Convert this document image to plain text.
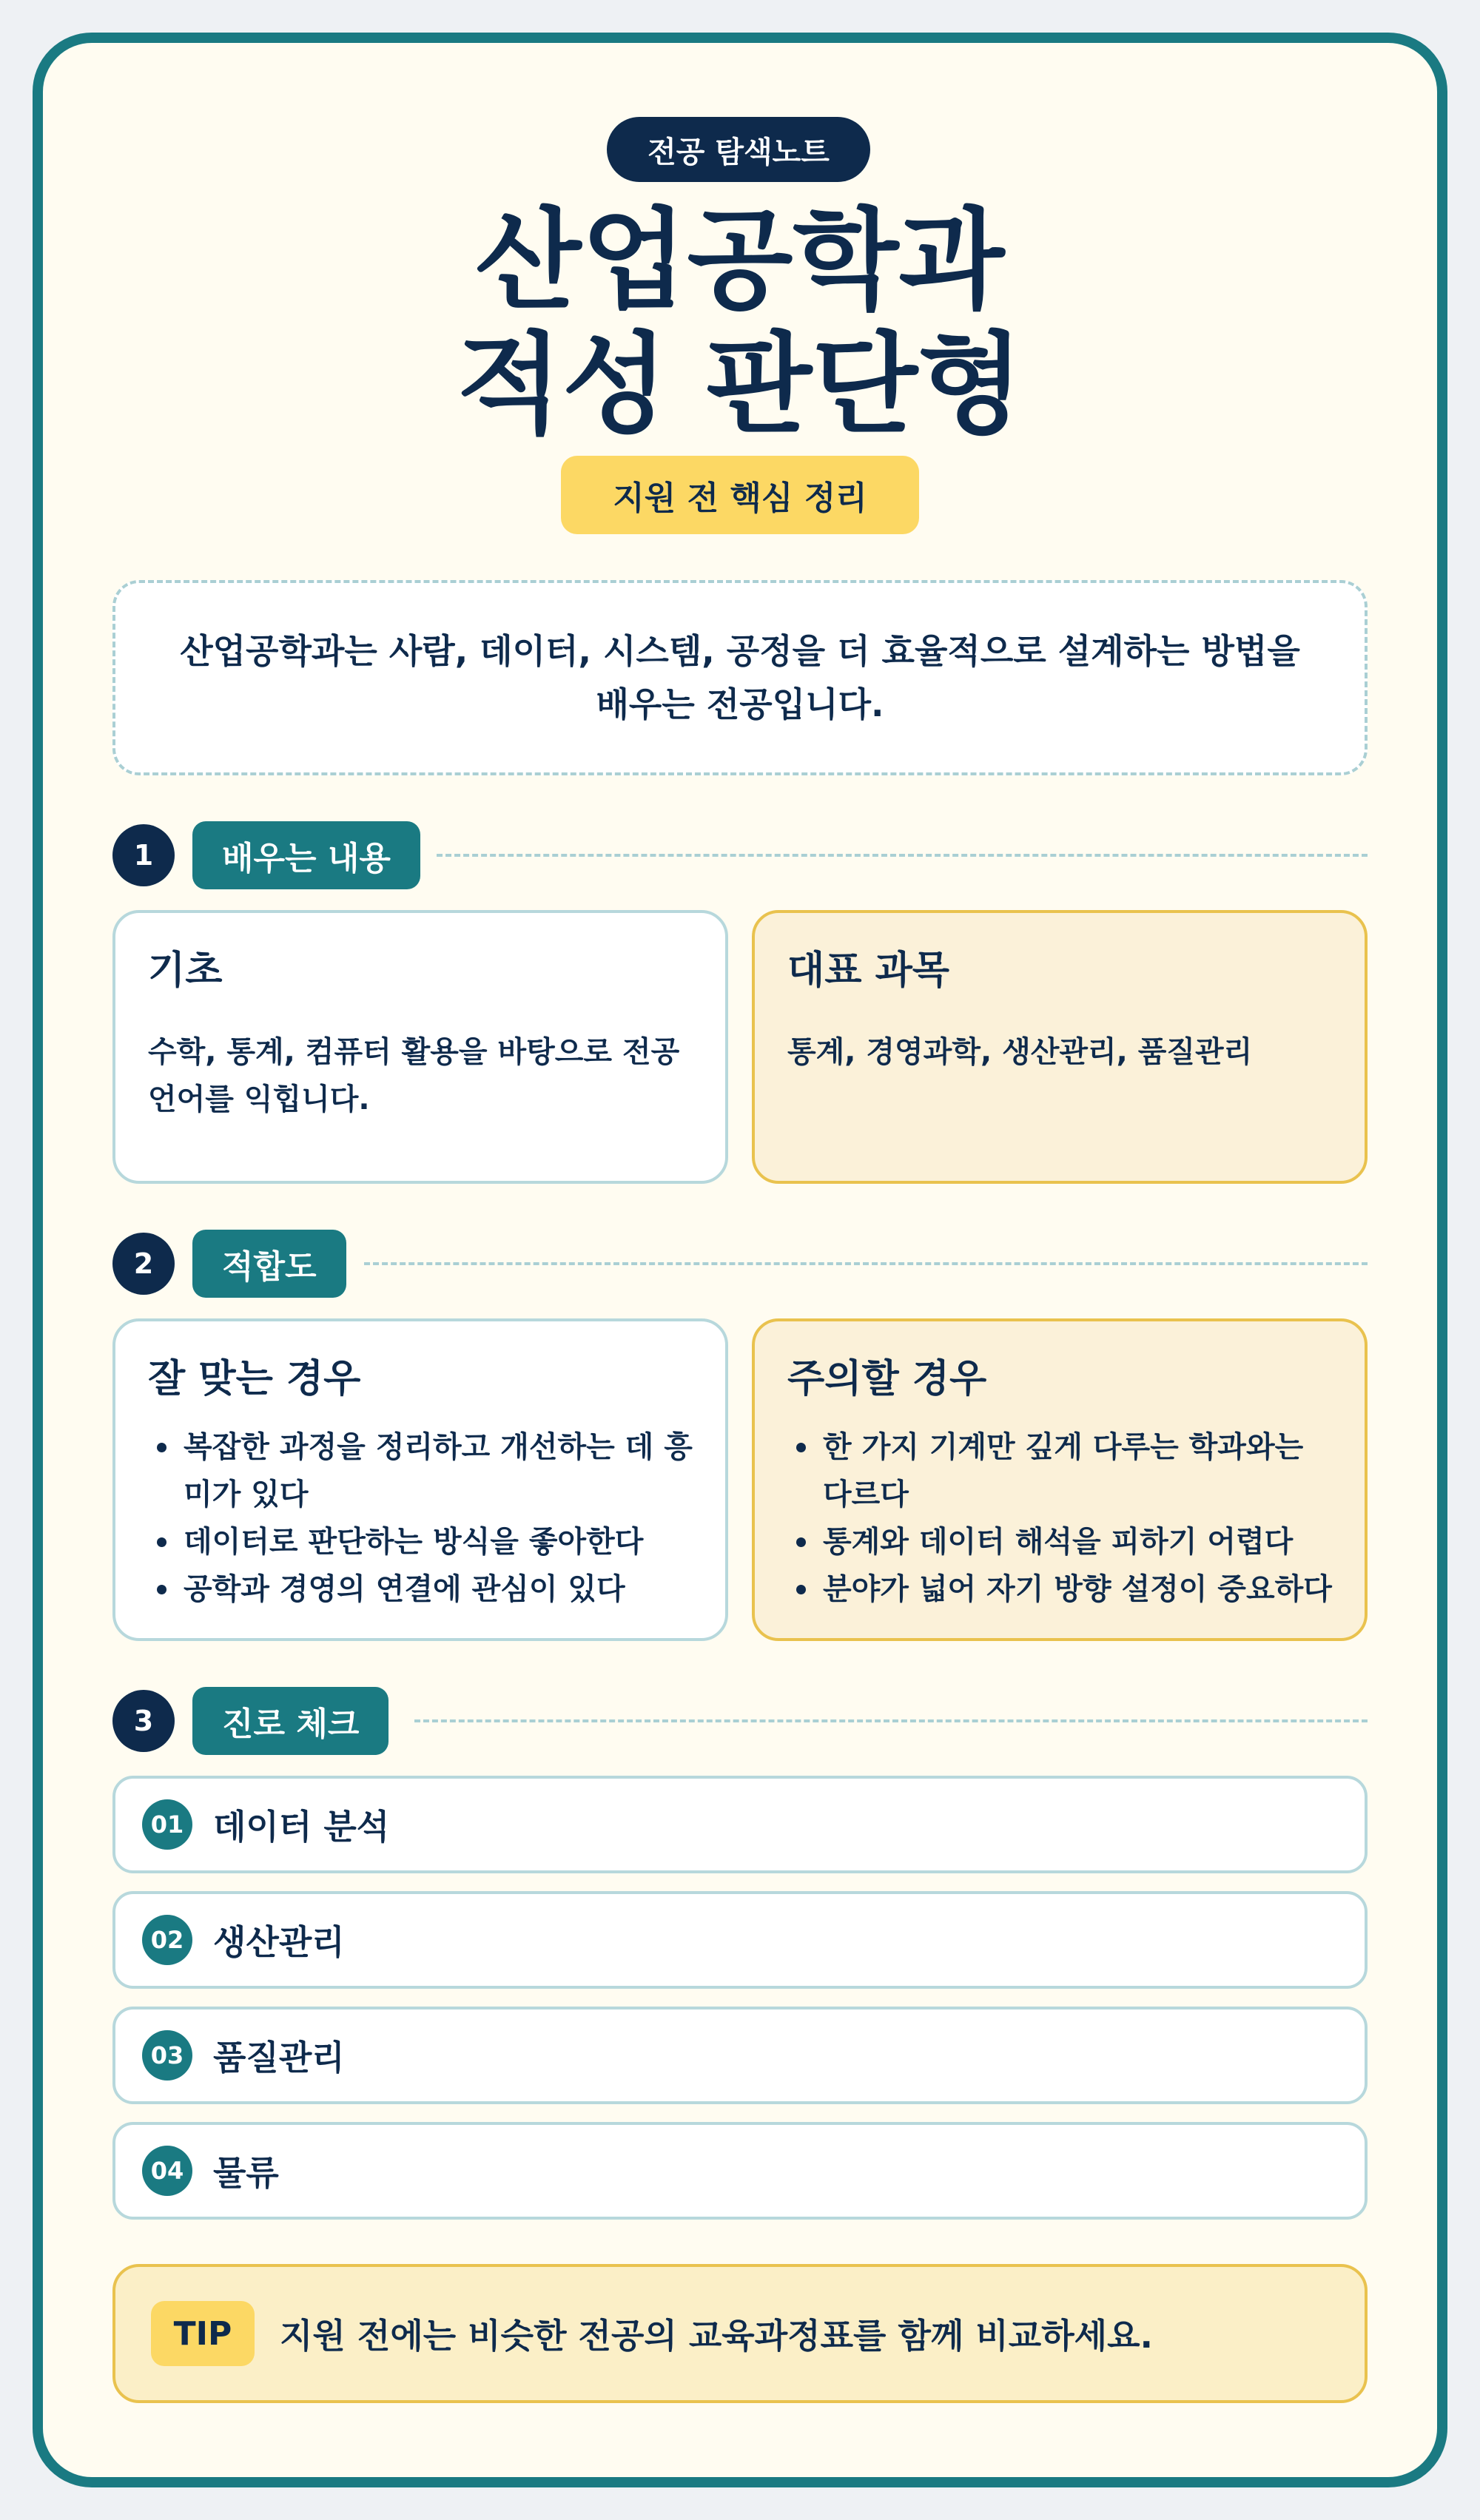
전공 탐색노트
산업공학과
적성 판단형
지원 전 핵심 정리
산업공학과는 사람, 데이터, 시스템, 공정을 더 효율적으로 설계하는 방법을 배우는 전공입니다.
1	배우는 내용
기초

수학, 통계, 컴퓨터 활용을 바탕으로 전공 언어를 익힙니다.

대표 과목

통계, 경영과학, 생산관리, 품질관리

2	적합도
잘 맞는 경우
복잡한 과정을 정리하고 개선하는 데 흥미가 있다
데이터로 판단하는 방식을 좋아한다
공학과 경영의 연결에 관심이 있다
주의할 경우
한 가지 기계만 깊게 다루는 학과와는 다르다
통계와 데이터 해석을 피하기 어렵다
분야가 넓어 자기 방향 설정이 중요하다
3	진로 체크
01 데이터 분석
02 생산관리
03 품질관리
04 물류
TIP	지원 전에는 비슷한 전공의 교육과정표를 함께 비교하세요.
